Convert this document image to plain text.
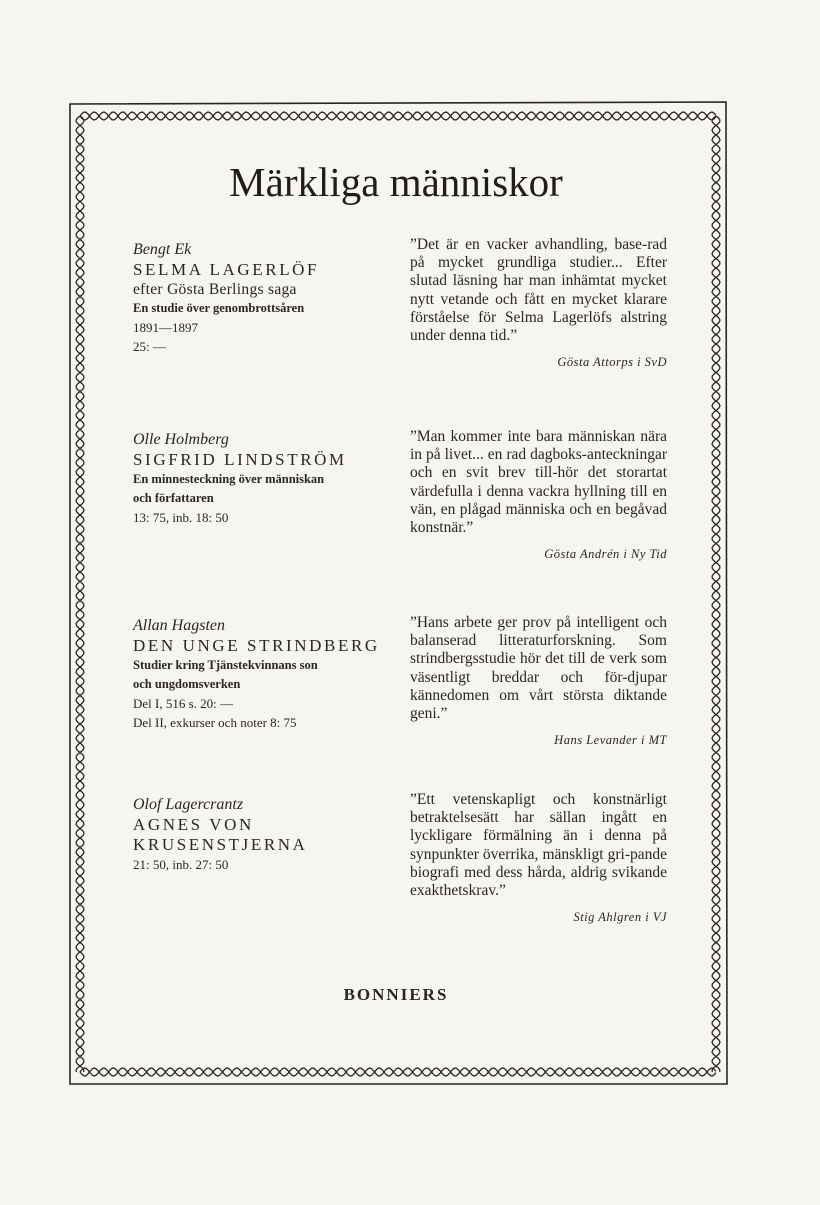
Märkliga människor
Bengt Ek
SELMA LAGERLÖF
efter Gösta Berlings saga
En studie över genombrottsåren
1891—1897
25: —
”Det är en vacker avhandling, base-rad på mycket grundliga studier... Efter slutad läsning har man inhämtat mycket nytt vetande och fått en mycket klarare förståelse för Selma Lagerlöfs alstring under denna tid.”
Gösta Attorps i SvD
Olle Holmberg
SIGFRID LINDSTRÖM
En minnesteckning över människan
och författaren
13: 75, inb. 18: 50
”Man kommer inte bara människan nära in på livet... en rad dagboks-anteckningar och en svit brev till-hör det storartat värdefulla i denna vackra hyllning till en vän, en plågad människa och en begåvad konstnär.”
Gösta Andrén i Ny Tid
Allan Hagsten
DEN UNGE STRINDBERG
Studier kring Tjänstekvinnans son
och ungdomsverken
Del I, 516 s. 20: —
Del II, exkurser och noter 8: 75
”Hans arbete ger prov på intelligent och balanserad litteraturforskning. Som strindbergsstudie hör det till de verk som väsentligt breddar och för-djupar kännedomen om vårt största diktande geni.”
Hans Levander i MT
Olof Lagercrantz
AGNES VON
KRUSENSTJERNA
21: 50, inb. 27: 50
”Ett vetenskapligt och konstnärligt betraktelsesätt har sällan ingått en lyckligare förmälning än i denna på synpunkter överrika, mänskligt gri-pande biografi med dess hårda, aldrig svikande exakthetskrav.”
Stig Ahlgren i VJ
BONNIERS
